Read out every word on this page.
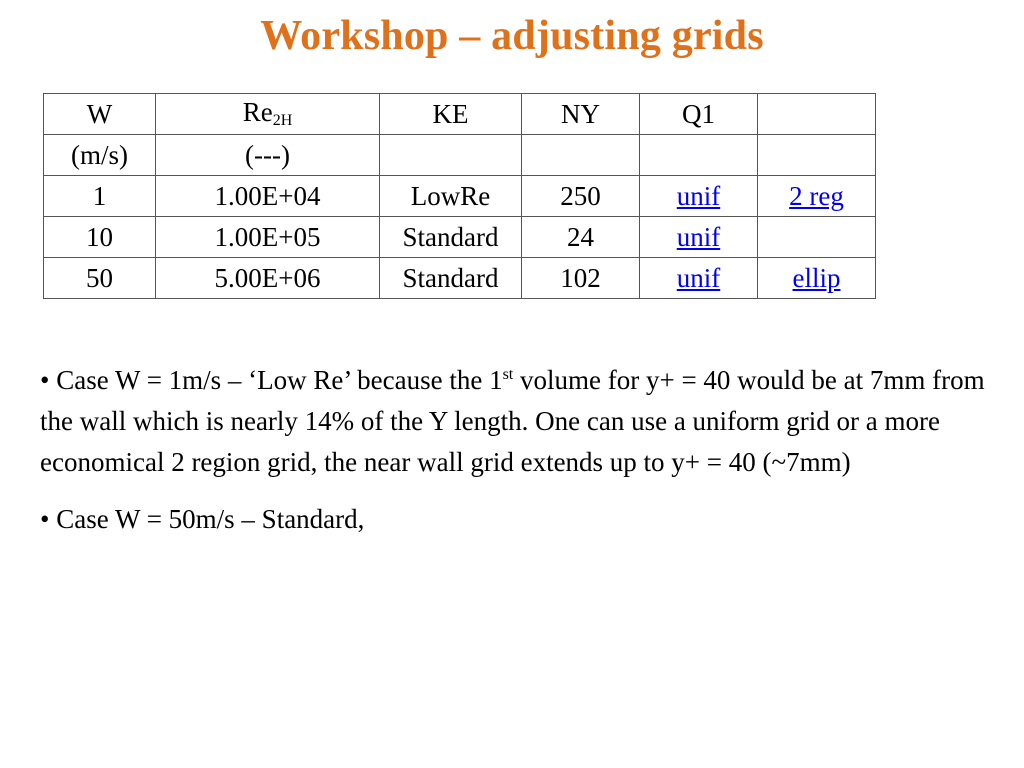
Workshop – adjusting grids
W	$Re_{2H}$	KE	NY	Q1	
(m/s)	(---)				
1	1.00E+04	LowRe	250	unif	2 reg
10	1.00E+05	Standard	24	unif	
50	5.00E+06	Standard	102	unif	ellip

• Case W = 1m/s – ‘Low Re’ because the 1st volume for y+ = 40 would be at 7mm from the wall which is nearly 14% of the Y length. One can use a uniform grid or a more economical 2 region grid, the near wall grid extends up to y+ = 40 (~7mm)

• Case W = 50m/s – Standard,
